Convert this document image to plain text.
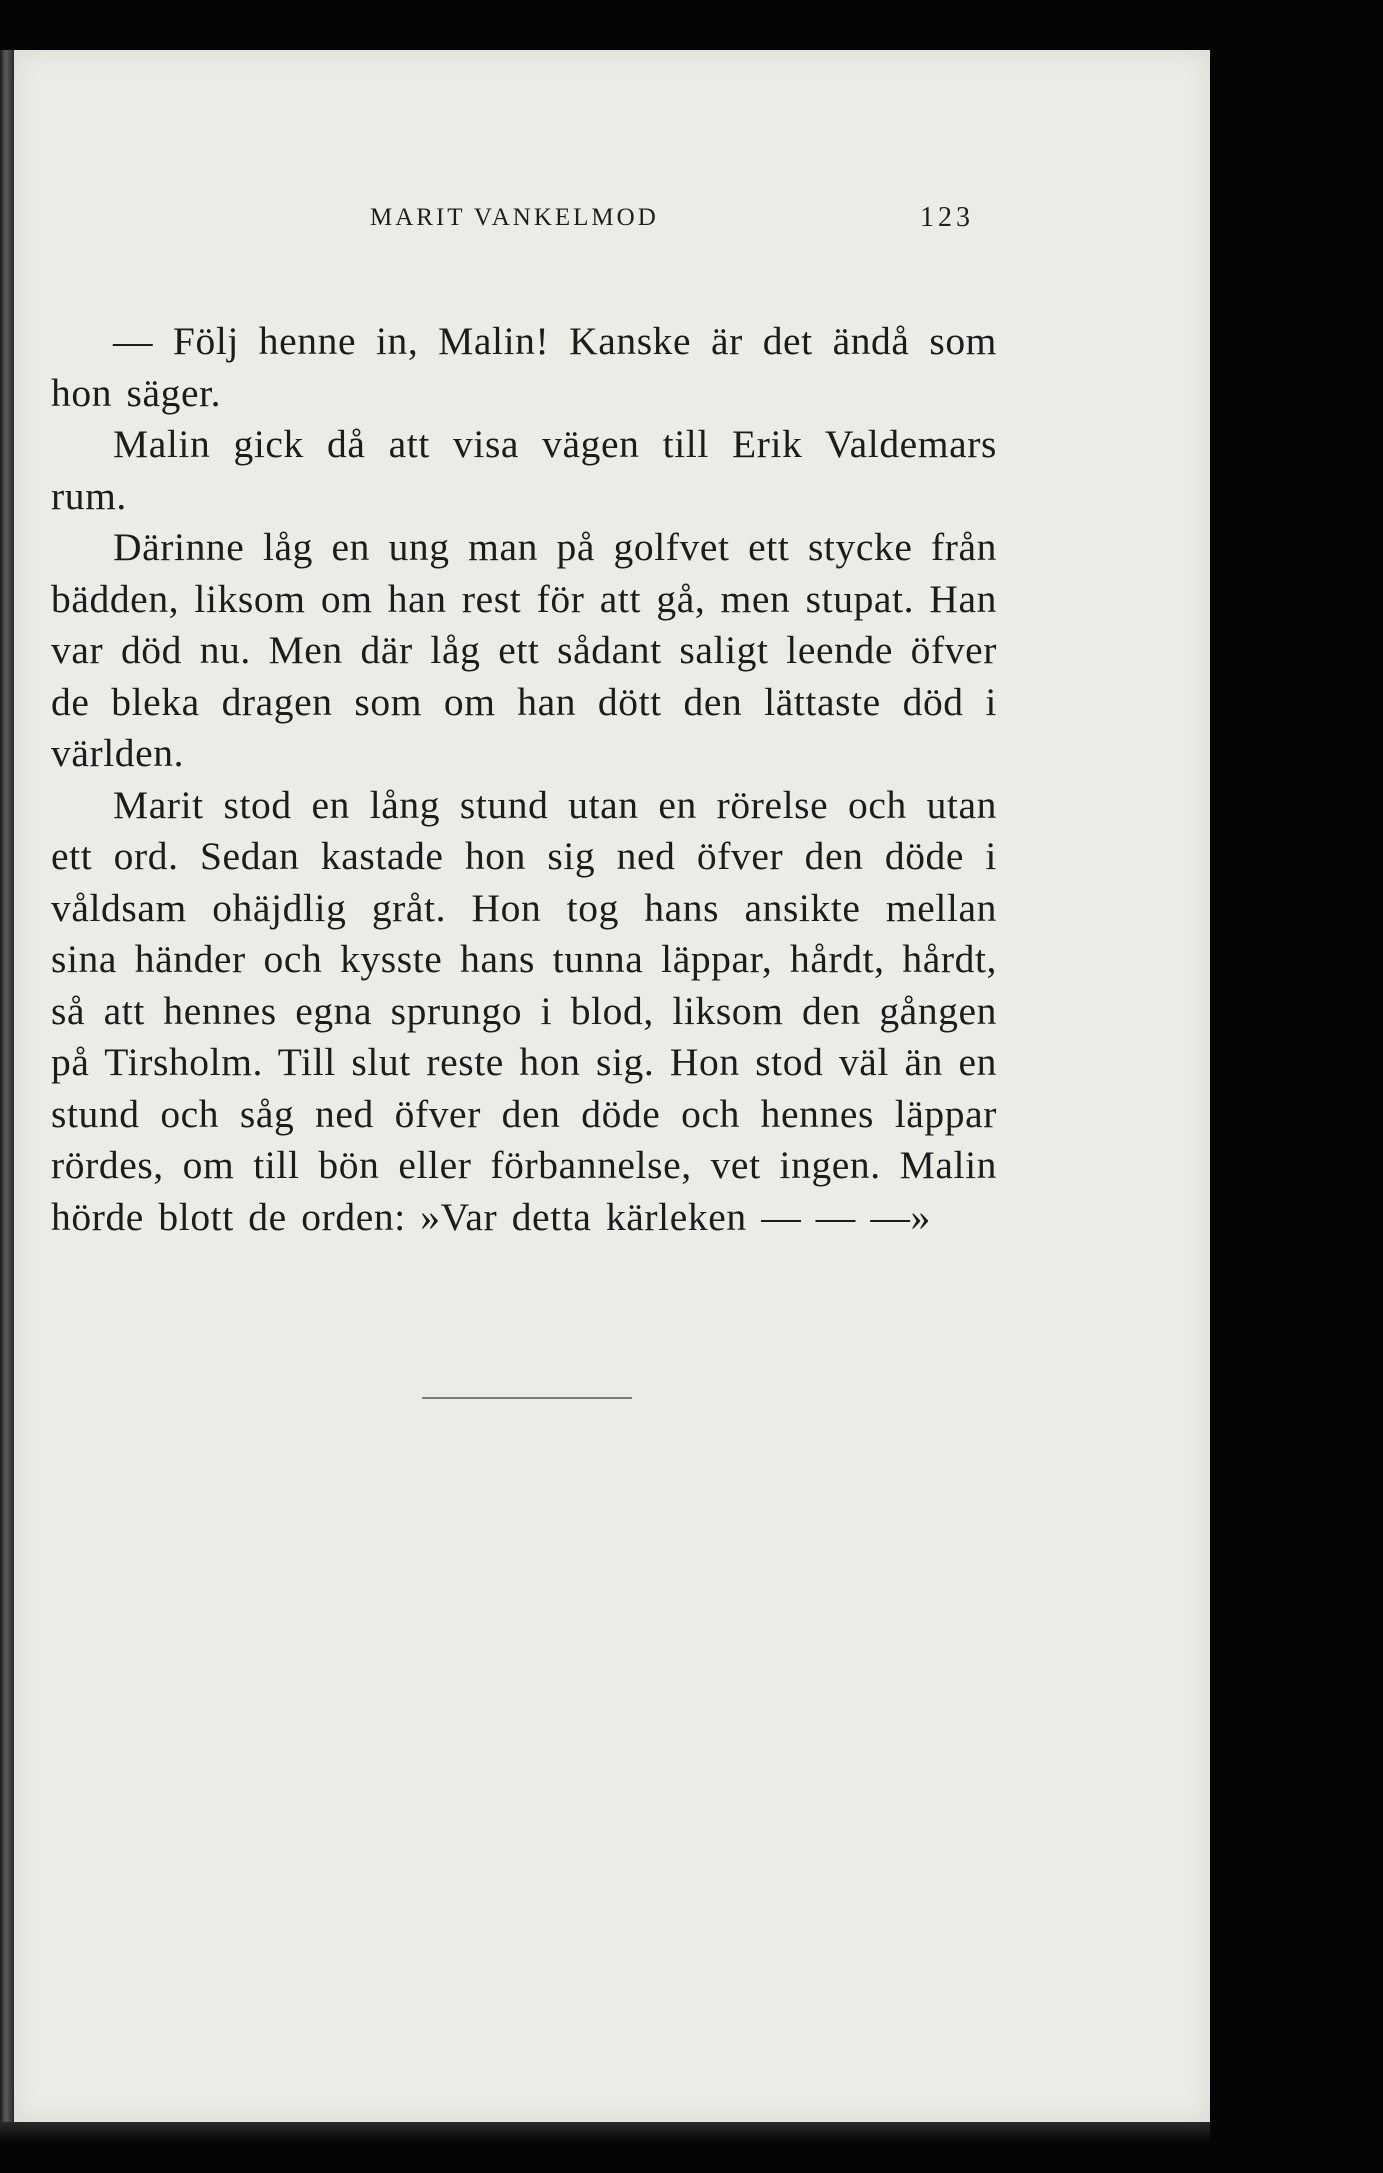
MARIT VANKELMOD	123

— Följ henne in, Malin! Kanske är det ändå som hon säger.

Malin gick då att visa vägen till Erik Valdemars rum.

Därinne låg en ung man på golfvet ett stycke från bädden, liksom om han rest för att gå, men stupat. Han var död nu. Men där låg ett sådant saligt leende öfver de bleka dragen som om han dött den lättaste död i världen.

Marit stod en lång stund utan en rörelse och utan ett ord. Sedan kastade hon sig ned öfver den döde i våldsam ohäjdlig gråt. Hon tog hans ansikte mellan sina händer och kysste hans tunna läppar, hårdt, hårdt, så att hennes egna sprungo i blod, liksom den gången på Tirsholm. Till slut reste hon sig. Hon stod väl än en stund och såg ned öfver den döde och hennes läppar rördes, om till bön eller förbannelse, vet ingen. Malin hörde blott de orden: »Var detta kärleken — — —»
